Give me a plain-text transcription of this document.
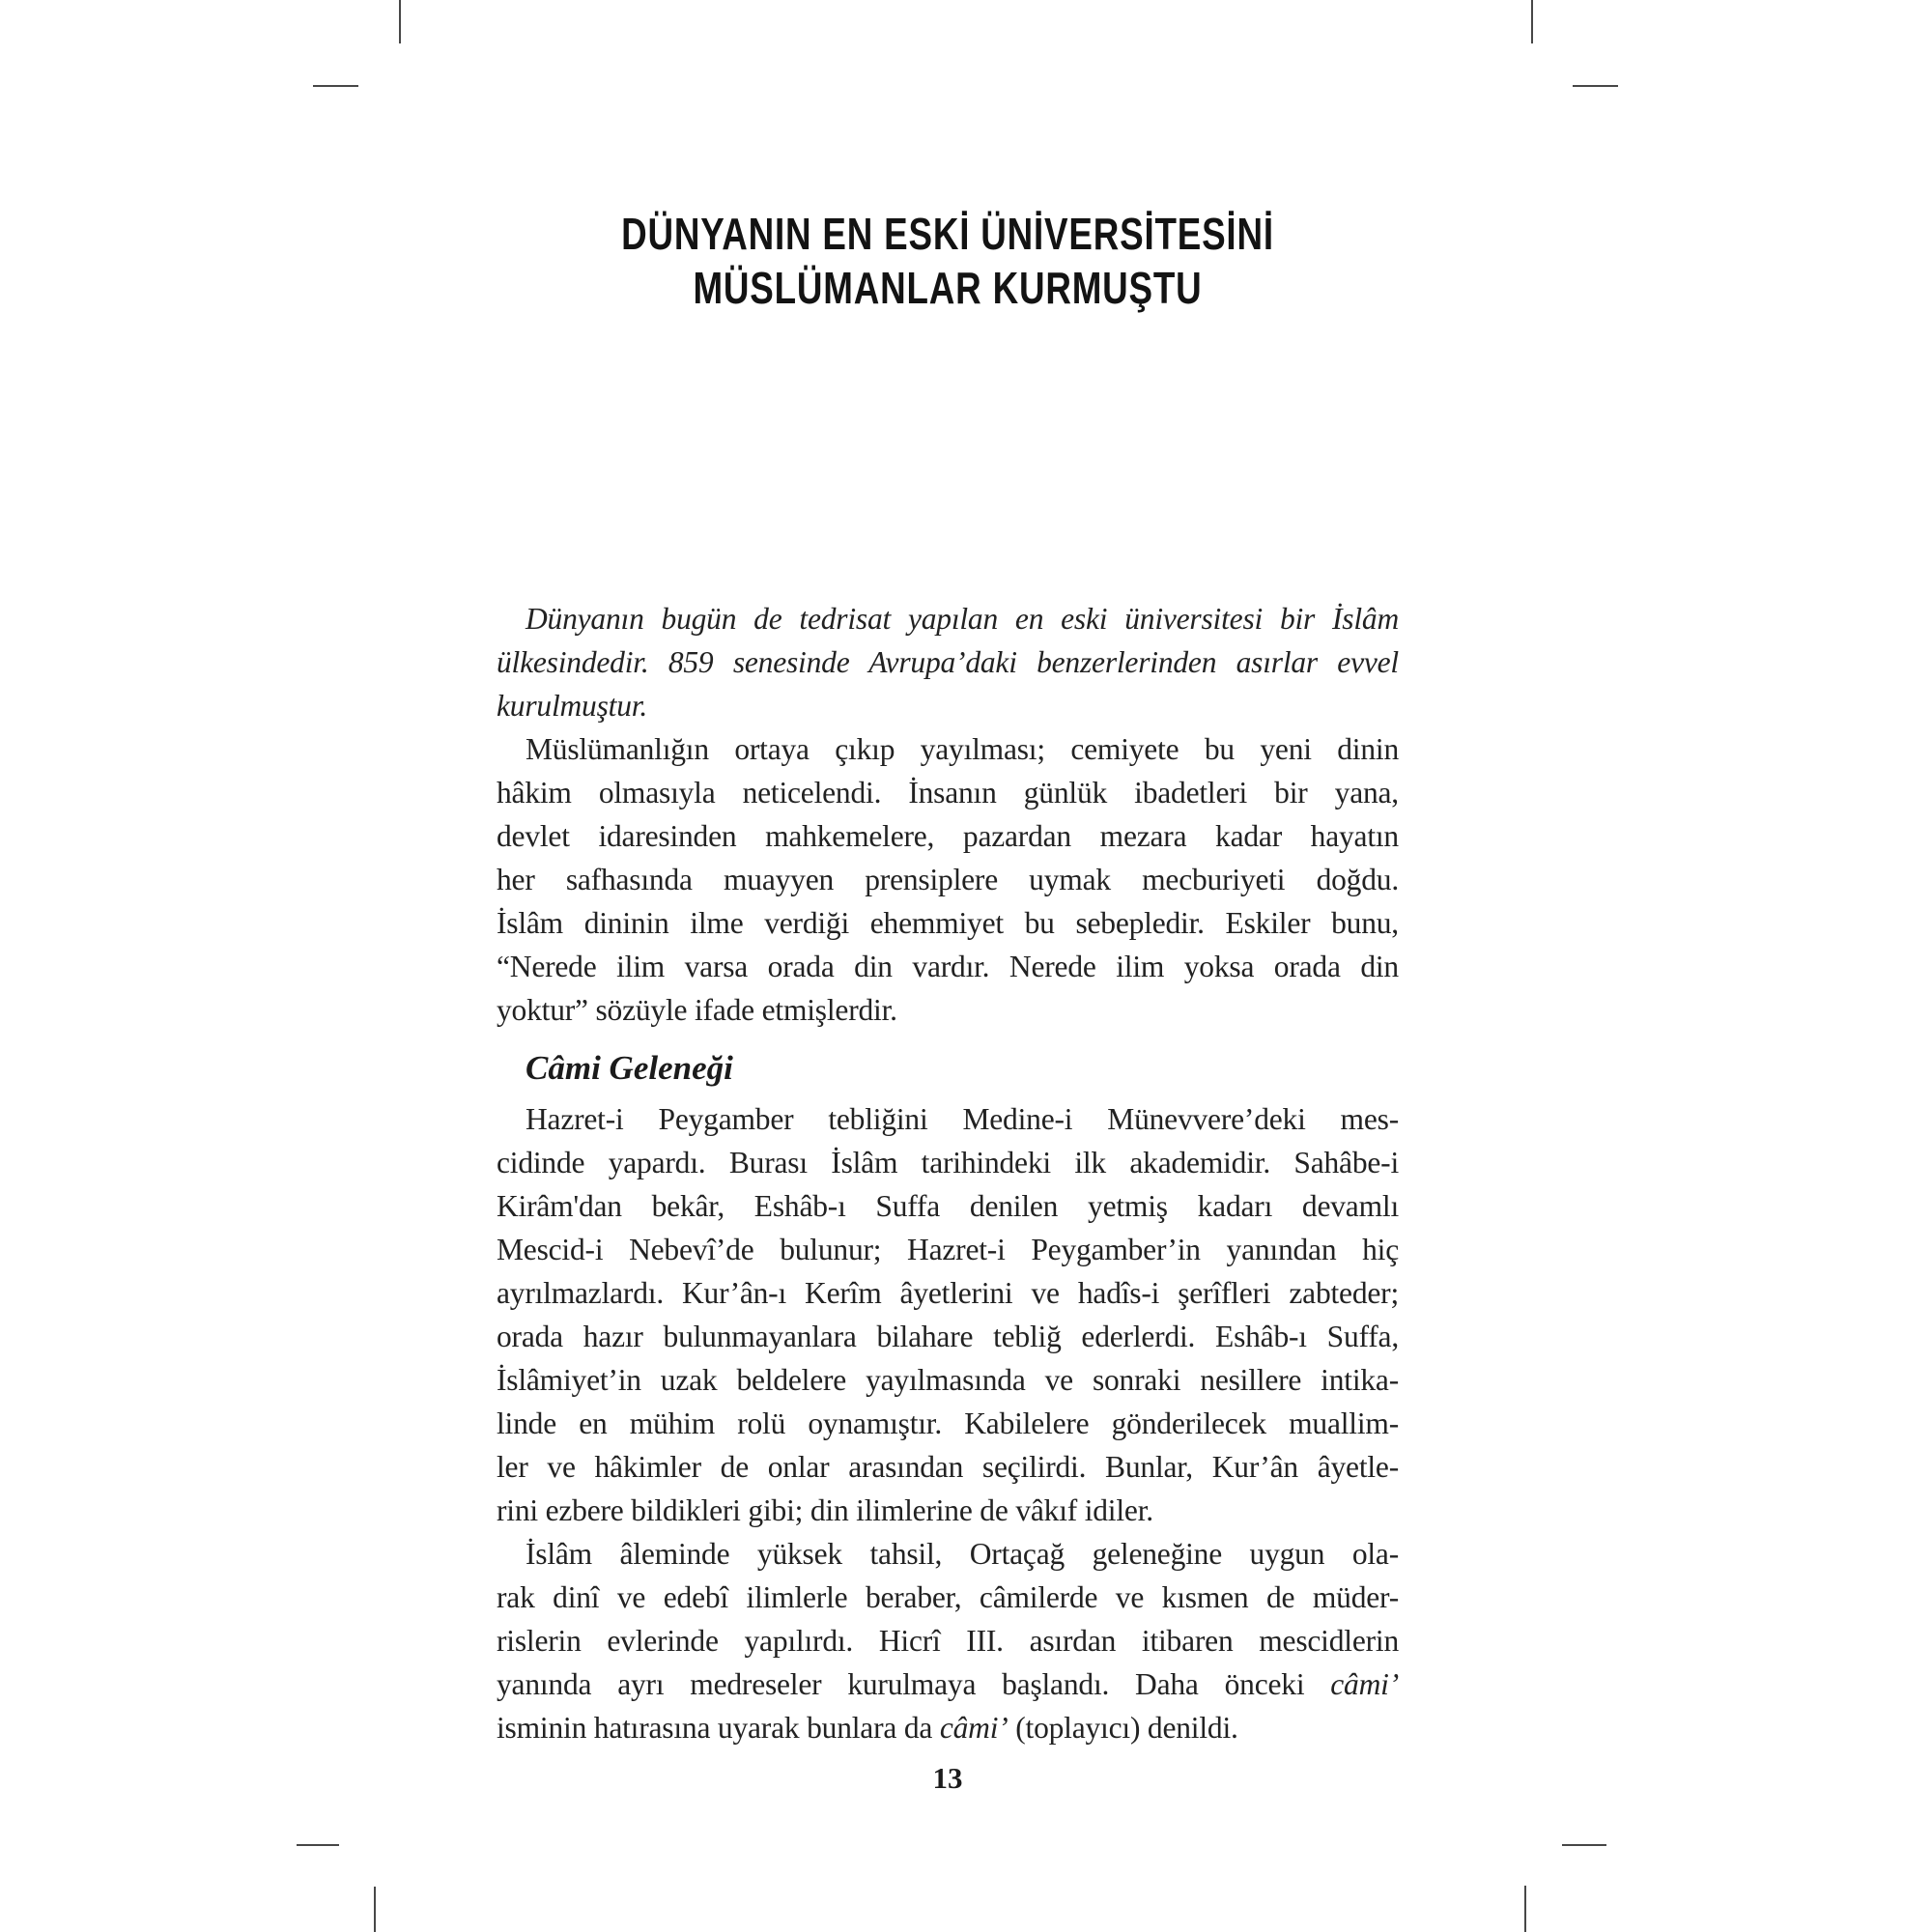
DÜNYANIN EN ESKİ ÜNİVERSİTESİNİ
MÜSLÜMANLAR KURMUŞTU
Dünyanın bugün de tedrisat yapılan en eski üniversitesi bir İslâm
ülkesindedir. 859 senesinde Avrupa’daki benzerlerinden asırlar evvel
kurulmuştur.
Müslümanlığın ortaya çıkıp yayılması; cemiyete bu yeni dinin
hâkim olmasıyla neticelendi. İnsanın günlük ibadetleri bir yana,
devlet idaresinden mahkemelere, pazardan mezara kadar hayatın
her safhasında muayyen prensiplere uymak mecburiyeti doğdu.
İslâm dininin ilme verdiği ehemmiyet bu sebepledir. Eskiler bunu,
“Nerede ilim varsa orada din vardır. Nerede ilim yoksa orada din
yoktur” sözüyle ifade etmişlerdir.
Câmi Geleneği
Hazret-i Peygamber tebliğini Medine-i Münevvere’deki mes-
cidinde yapardı. Burası İslâm tarihindeki ilk akademidir. Sahâbe-i
Kirâm'dan bekâr, Eshâb-ı Suffa denilen yetmiş kadarı devamlı
Mescid-i Nebevî’de bulunur; Hazret-i Peygamber’in yanından hiç
ayrılmazlardı. Kur’ân-ı Kerîm âyetlerini ve hadîs-i şerîfleri zabteder;
orada hazır bulunmayanlara bilahare tebliğ ederlerdi. Eshâb-ı Suffa,
İslâmiyet’in uzak beldelere yayılmasında ve sonraki nesillere intika-
linde en mühim rolü oynamıştır. Kabilelere gönderilecek muallim-
ler ve hâkimler de onlar arasından seçilirdi. Bunlar, Kur’ân âyetle-
rini ezbere bildikleri gibi; din ilimlerine de vâkıf idiler.
İslâm âleminde yüksek tahsil, Ortaçağ geleneğine uygun ola-
rak dinî ve edebî ilimlerle beraber, câmilerde ve kısmen de müder-
rislerin evlerinde yapılırdı. Hicrî III. asırdan itibaren mescidlerin
yanında ayrı medreseler kurulmaya başlandı. Daha önceki câmi’
isminin hatırasına uyarak bunlara da câmi’ (toplayıcı) denildi.
13
